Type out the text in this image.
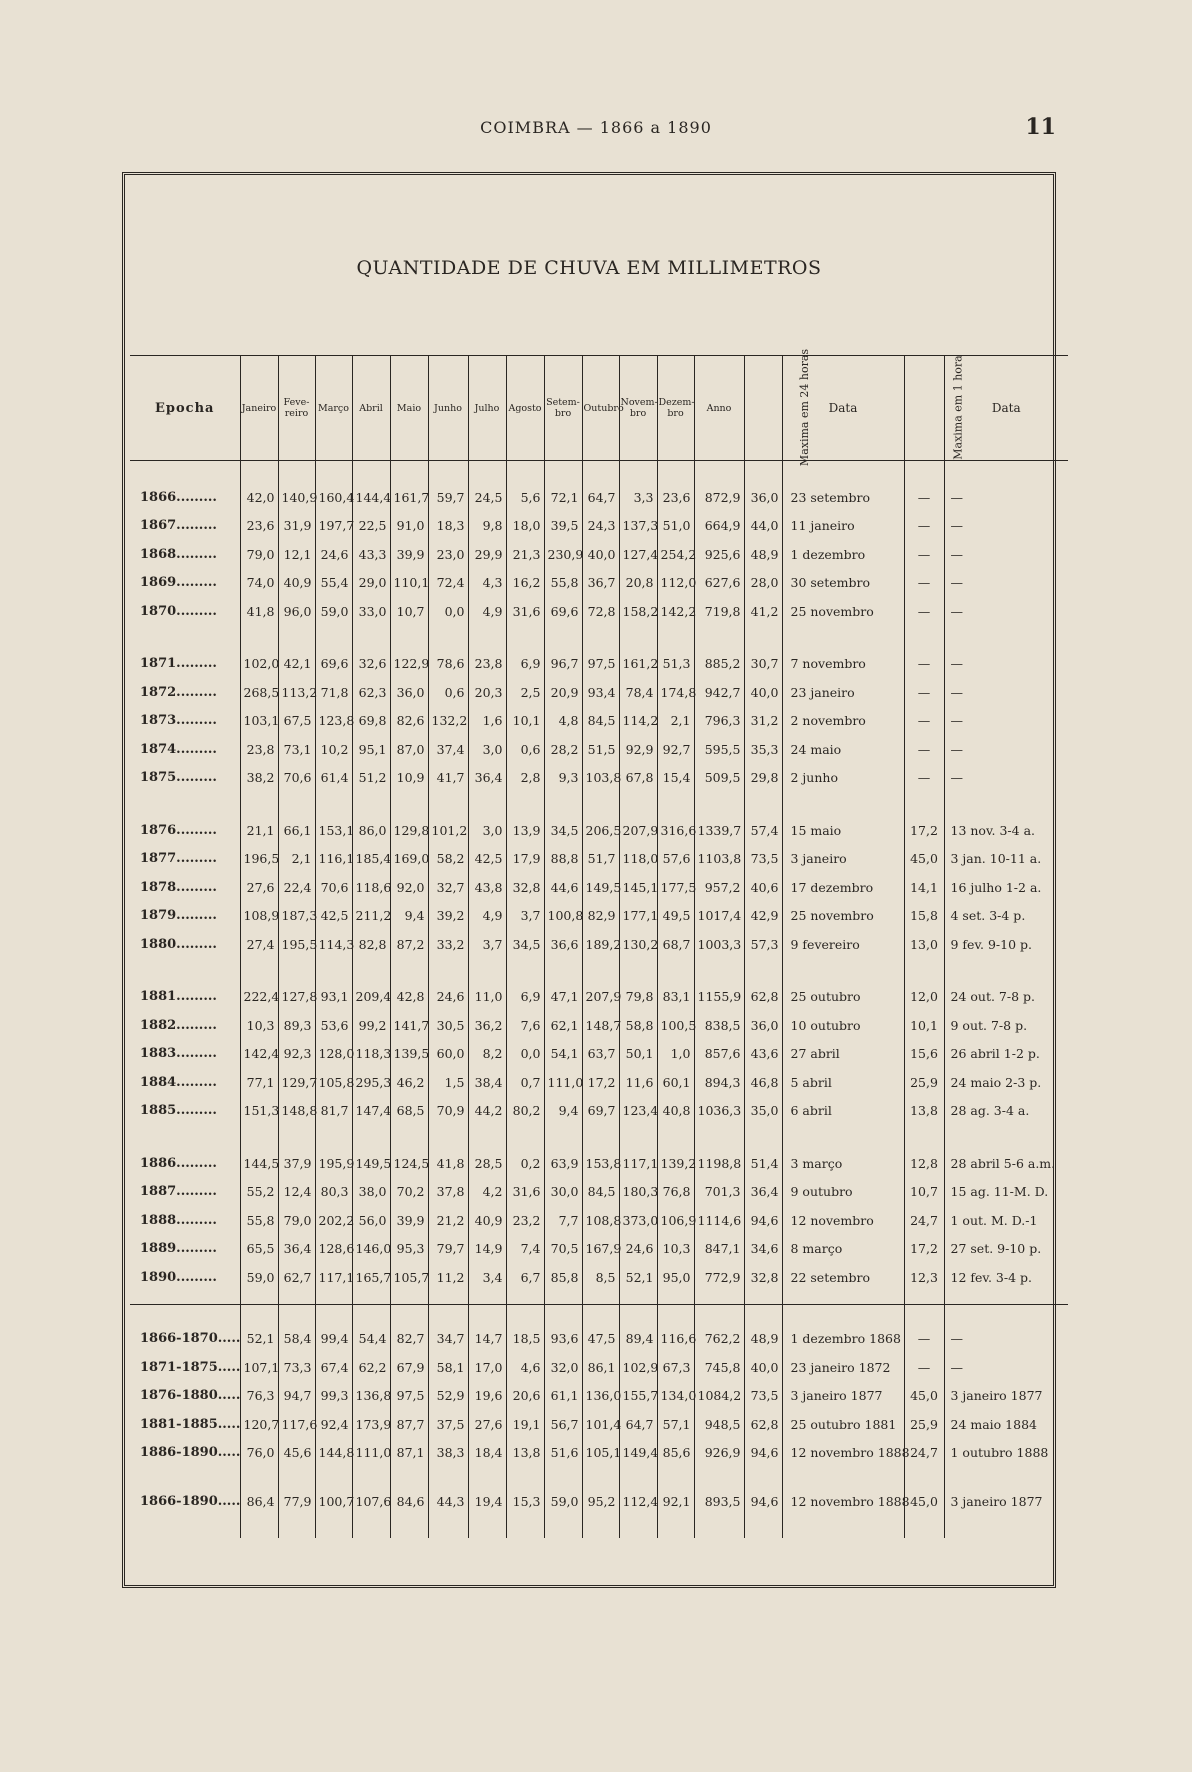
COIMBRA — 1866 a 1890	11
QUANTIDADE DE CHUVA EM MILLIMETROS
Epocha	Janeiro	Feve-reiro	Março	Abril	Maio	Junho	Julho	Agosto	Setem-bro	Outubro	Novem-bro	Dezem-bro	Anno	Maxima em 24 horas	Data	Maxima em 1 hora	Data

1866.........	42,0	140,9	160,4	144,4	161,7	59,7	24,5	5,6	72,1	64,7	3,3	23,6	872,9	36,0	23 setembro	—	—
1867.........	23,6	31,9	197,7	22,5	91,0	18,3	9,8	18,0	39,5	24,3	137,3	51,0	664,9	44,0	11 janeiro	—	—
1868.........	79,0	12,1	24,6	43,3	39,9	23,0	29,9	21,3	230,9	40,0	127,4	254,2	925,6	48,9	1 dezembro	—	—
1869.........	74,0	40,9	55,4	29,0	110,1	72,4	4,3	16,2	55,8	36,7	20,8	112,0	627,6	28,0	30 setembro	—	—
1870.........	41,8	96,0	59,0	33,0	10,7	0,0	4,9	31,6	69,6	72,8	158,2	142,2	719,8	41,2	25 novembro	—	—

1871.........	102,0	42,1	69,6	32,6	122,9	78,6	23,8	6,9	96,7	97,5	161,2	51,3	885,2	30,7	7 novembro	—	—
1872.........	268,5	113,2	71,8	62,3	36,0	0,6	20,3	2,5	20,9	93,4	78,4	174,8	942,7	40,0	23 janeiro	—	—
1873.........	103,1	67,5	123,8	69,8	82,6	132,2	1,6	10,1	4,8	84,5	114,2	2,1	796,3	31,2	2 novembro	—	—
1874.........	23,8	73,1	10,2	95,1	87,0	37,4	3,0	0,6	28,2	51,5	92,9	92,7	595,5	35,3	24 maio	—	—
1875.........	38,2	70,6	61,4	51,2	10,9	41,7	36,4	2,8	9,3	103,8	67,8	15,4	509,5	29,8	2 junho	—	—

1876.........	21,1	66,1	153,1	86,0	129,8	101,2	3,0	13,9	34,5	206,5	207,9	316,6	1339,7	57,4	15 maio	17,2	13 nov. 3-4 a.
1877.........	196,5	2,1	116,1	185,4	169,0	58,2	42,5	17,9	88,8	51,7	118,0	57,6	1103,8	73,5	3 janeiro	45,0	3 jan. 10-11 a.
1878.........	27,6	22,4	70,6	118,6	92,0	32,7	43,8	32,8	44,6	149,5	145,1	177,5	957,2	40,6	17 dezembro	14,1	16 julho 1-2 a.
1879.........	108,9	187,3	42,5	211,2	9,4	39,2	4,9	3,7	100,8	82,9	177,1	49,5	1017,4	42,9	25 novembro	15,8	4 set. 3-4 p.
1880.........	27,4	195,5	114,3	82,8	87,2	33,2	3,7	34,5	36,6	189,2	130,2	68,7	1003,3	57,3	9 fevereiro	13,0	9 fev. 9-10 p.

1881.........	222,4	127,8	93,1	209,4	42,8	24,6	11,0	6,9	47,1	207,9	79,8	83,1	1155,9	62,8	25 outubro	12,0	24 out. 7-8 p.
1882.........	10,3	89,3	53,6	99,2	141,7	30,5	36,2	7,6	62,1	148,7	58,8	100,5	838,5	36,0	10 outubro	10,1	9 out. 7-8 p.
1883.........	142,4	92,3	128,0	118,3	139,5	60,0	8,2	0,0	54,1	63,7	50,1	1,0	857,6	43,6	27 abril	15,6	26 abril 1-2 p.
1884.........	77,1	129,7	105,8	295,3	46,2	1,5	38,4	0,7	111,0	17,2	11,6	60,1	894,3	46,8	5 abril	25,9	24 maio 2-3 p.
1885.........	151,3	148,8	81,7	147,4	68,5	70,9	44,2	80,2	9,4	69,7	123,4	40,8	1036,3	35,0	6 abril	13,8	28 ag. 3-4 a.

1886.........	144,5	37,9	195,9	149,5	124,5	41,8	28,5	0,2	63,9	153,8	117,1	139,2	1198,8	51,4	3 março	12,8	28 abril 5-6 a.m.
1887.........	55,2	12,4	80,3	38,0	70,2	37,8	4,2	31,6	30,0	84,5	180,3	76,8	701,3	36,4	9 outubro	10,7	15 ag. 11-M. D.
1888.........	55,8	79,0	202,2	56,0	39,9	21,2	40,9	23,2	7,7	108,8	373,0	106,9	1114,6	94,6	12 novembro	24,7	1 out. M. D.-1
1889.........	65,5	36,4	128,6	146,0	95,3	79,7	14,9	7,4	70,5	167,9	24,6	10,3	847,1	34,6	8 março	17,2	27 set. 9-10 p.
1890.........	59,0	62,7	117,1	165,7	105,7	11,2	3,4	6,7	85,8	8,5	52,1	95,0	772,9	32,8	22 setembro	12,3	12 fev. 3-4 p.

1866-1870.....	52,1	58,4	99,4	54,4	82,7	34,7	14,7	18,5	93,6	47,5	89,4	116,6	762,2	48,9	1 dezembro 1868	—	—
1871-1875.....	107,1	73,3	67,4	62,2	67,9	58,1	17,0	4,6	32,0	86,1	102,9	67,3	745,8	40,0	23 janeiro 1872	—	—
1876-1880.....	76,3	94,7	99,3	136,8	97,5	52,9	19,6	20,6	61,1	136,0	155,7	134,0	1084,2	73,5	3 janeiro 1877	45,0	3 janeiro 1877
1881-1885.....	120,7	117,6	92,4	173,9	87,7	37,5	27,6	19,1	56,7	101,4	64,7	57,1	948,5	62,8	25 outubro 1881	25,9	24 maio 1884
1886-1890.....	76,0	45,6	144,8	111,0	87,1	38,3	18,4	13,8	51,6	105,1	149,4	85,6	926,9	94,6	12 novembro 1888	24,7	1 outubro 1888

1866-1890.....	86,4	77,9	100,7	107,6	84,6	44,3	19,4	15,3	59,0	95,2	112,4	92,1	893,5	94,6	12 novembro 1888	45,0	3 janeiro 1877
